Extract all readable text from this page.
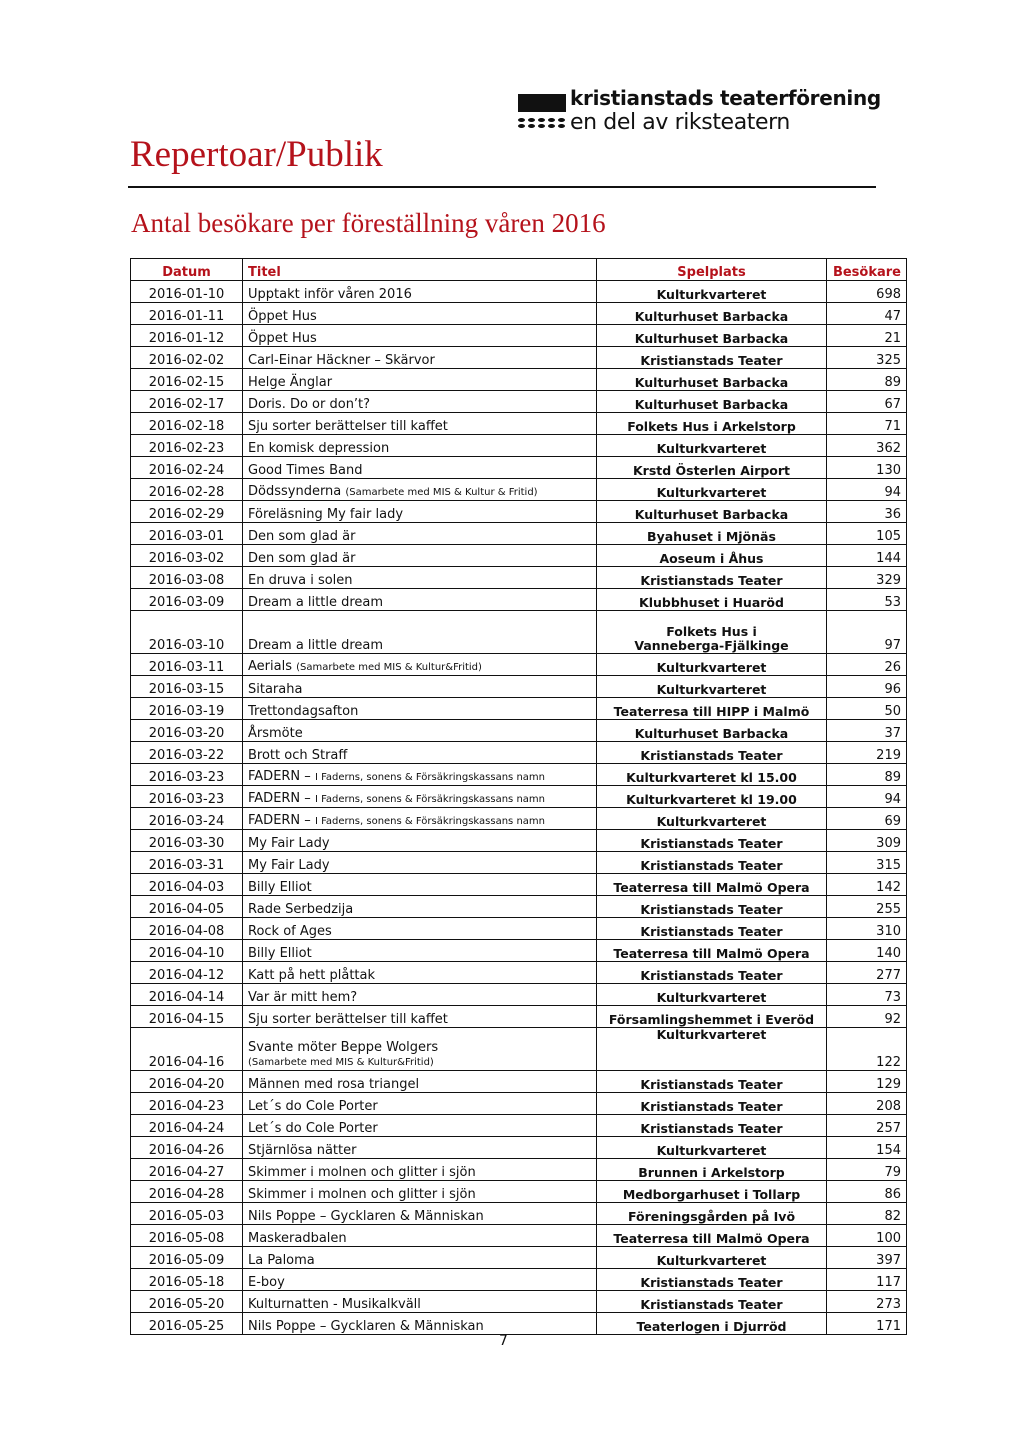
Repertoar/Publik
kristianstads teaterförening
en del av riksteatern
Antal besökare per föreställning våren 2016
Datum	Titel	Spelplats	Besökare
2016-01-10	Upptakt inför våren 2016	Kulturkvarteret	698
2016-01-11	Öppet Hus	Kulturhuset Barbacka	47
2016-01-12	Öppet Hus	Kulturhuset Barbacka	21
2016-02-02	Carl-Einar Häckner – Skärvor	Kristianstads Teater	325
2016-02-15	Helge Änglar	Kulturhuset Barbacka	89
2016-02-17	Doris. Do or don’t?	Kulturhuset Barbacka	67
2016-02-18	Sju sorter berättelser till kaffet	Folkets Hus i Arkelstorp	71
2016-02-23	En komisk depression	Kulturkvarteret	362
2016-02-24	Good Times Band	Krstd Österlen Airport	130
2016-02-28	Dödssynderna (Samarbete med MIS & Kultur & Fritid)	Kulturkvarteret	94
2016-02-29	Föreläsning My fair lady	Kulturhuset Barbacka	36
2016-03-01	Den som glad är	Byahuset i Mjönäs	105
2016-03-02	Den som glad är	Aoseum i Åhus	144
2016-03-08	En druva i solen	Kristianstads Teater	329
2016-03-09	Dream a little dream	Klubbhuset i Huaröd	53
2016-03-10	Dream a little dream	Folkets Hus i
Vanneberga-Fjälkinge	97
2016-03-11	Aerials (Samarbete med MIS & Kultur&Fritid)	Kulturkvarteret	26
2016-03-15	Sitaraha	Kulturkvarteret	96
2016-03-19	Trettondagsafton	Teaterresa till HIPP i Malmö	50
2016-03-20	Årsmöte	Kulturhuset Barbacka	37
2016-03-22	Brott och Straff	Kristianstads Teater	219
2016-03-23	FADERN – I Faderns, sonens & Försäkringskassans namn	Kulturkvarteret kl 15.00	89
2016-03-23	FADERN – I Faderns, sonens & Försäkringskassans namn	Kulturkvarteret kl 19.00	94
2016-03-24	FADERN – I Faderns, sonens & Försäkringskassans namn	Kulturkvarteret	69
2016-03-30	My Fair Lady	Kristianstads Teater	309
2016-03-31	My Fair Lady	Kristianstads Teater	315
2016-04-03	Billy Elliot	Teaterresa till Malmö Opera	142
2016-04-05	Rade Serbedzija	Kristianstads Teater	255
2016-04-08	Rock of Ages	Kristianstads Teater	310
2016-04-10	Billy Elliot	Teaterresa till Malmö Opera	140
2016-04-12	Katt på hett plåttak	Kristianstads Teater	277
2016-04-14	Var är mitt hem?	Kulturkvarteret	73
2016-04-15	Sju sorter berättelser till kaffet	Församlingshemmet i Everöd	92
2016-04-16	Svante möter Beppe Wolgers
(Samarbete med MIS & Kultur&Fritid)	Kulturkvarteret	122
2016-04-20	Männen med rosa triangel	Kristianstads Teater	129
2016-04-23	Let´s do Cole Porter	Kristianstads Teater	208
2016-04-24	Let´s do Cole Porter	Kristianstads Teater	257
2016-04-26	Stjärnlösa nätter	Kulturkvarteret	154
2016-04-27	Skimmer i molnen och glitter i sjön	Brunnen i Arkelstorp	79
2016-04-28	Skimmer i molnen och glitter i sjön	Medborgarhuset i Tollarp	86
2016-05-03	Nils Poppe – Gycklaren & Människan	Föreningsgården på Ivö	82
2016-05-08	Maskeradbalen	Teaterresa till Malmö Opera	100
2016-05-09	La Paloma	Kulturkvarteret	397
2016-05-18	E-boy	Kristianstads Teater	117
2016-05-20	Kulturnatten - Musikalkväll	Kristianstads Teater	273
2016-05-25	Nils Poppe – Gycklaren & Människan	Teaterlogen i Djurröd	171
7
